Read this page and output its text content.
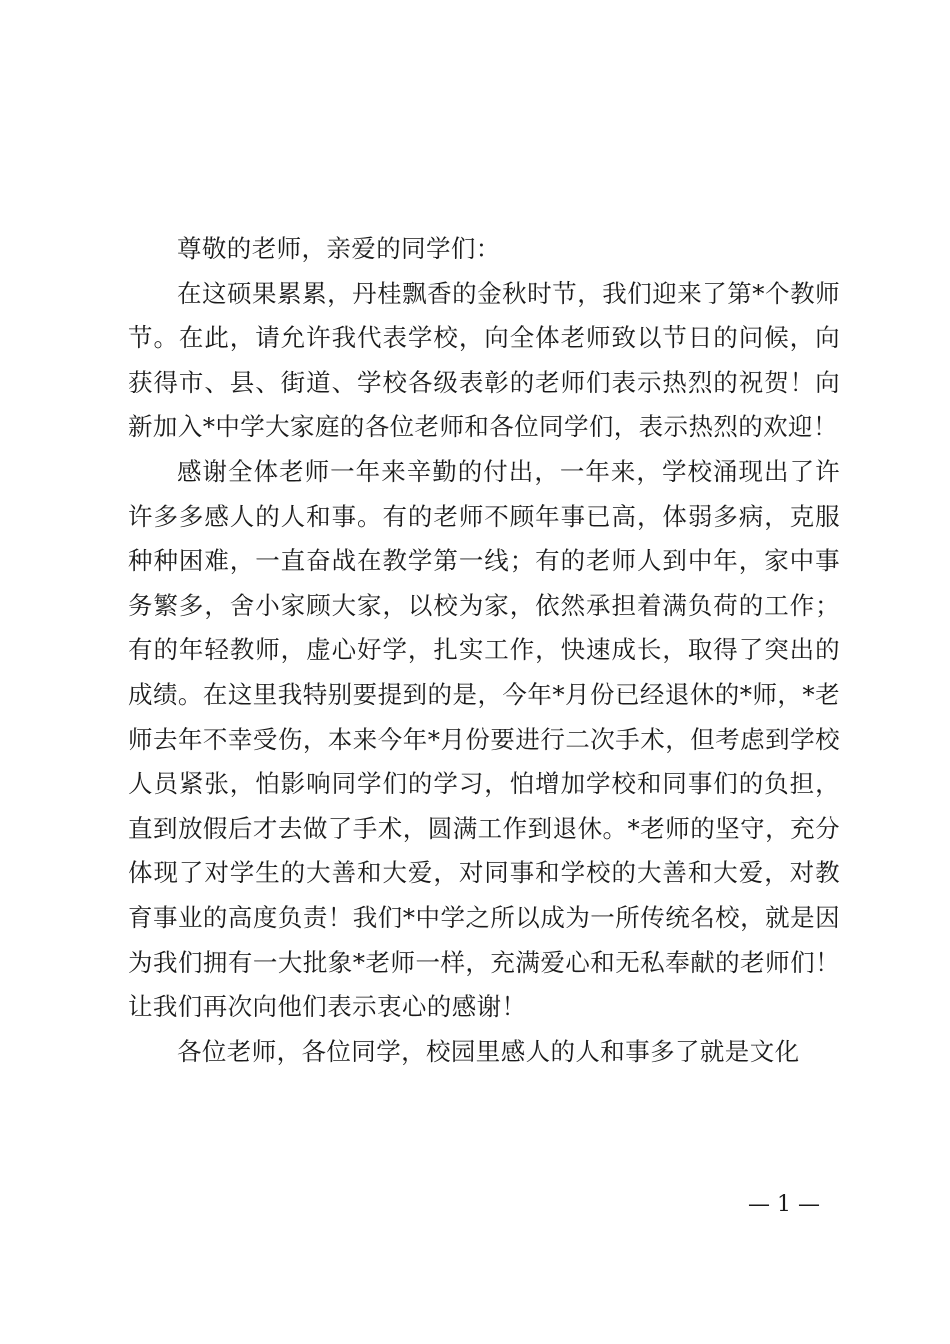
尊敬的老师，亲爱的同学们：

在这硕果累累，丹桂飘香的金秋时节，我们迎来了第*个教师节。在此，请允许我代表学校，向全体老师致以节日的问候，向获得市、县、街道、学校各级表彰的老师们表示热烈的祝贺！向新加入*中学大家庭的各位老师和各位同学们，表示热烈的欢迎！

感谢全体老师一年来辛勤的付出，一年来，学校涌现出了许许多多感人的人和事。有的老师不顾年事已高，体弱多病，克服种种困难，一直奋战在教学第一线；有的老师人到中年，家中事务繁多，舍小家顾大家，以校为家，依然承担着满负荷的工作；有的年轻教师，虚心好学，扎实工作，快速成长，取得了突出的成绩。在这里我特别要提到的是，今年*月份已经退休的*师，*老师去年不幸受伤，本来今年*月份要进行二次手术，但考虑到学校人员紧张，怕影响同学们的学习，怕增加学校和同事们的负担，直到放假后才去做了手术，圆满工作到退休。*老师的坚守，充分体现了对学生的大善和大爱，对同事和学校的大善和大爱，对教育事业的高度负责！我们*中学之所以成为一所传统名校，就是因为我们拥有一大批象*老师一样，充满爱心和无私奉献的老师们！让我们再次向他们表示衷心的感谢！

各位老师，各位同学，校园里感人的人和事多了就是文化

— 1 —
